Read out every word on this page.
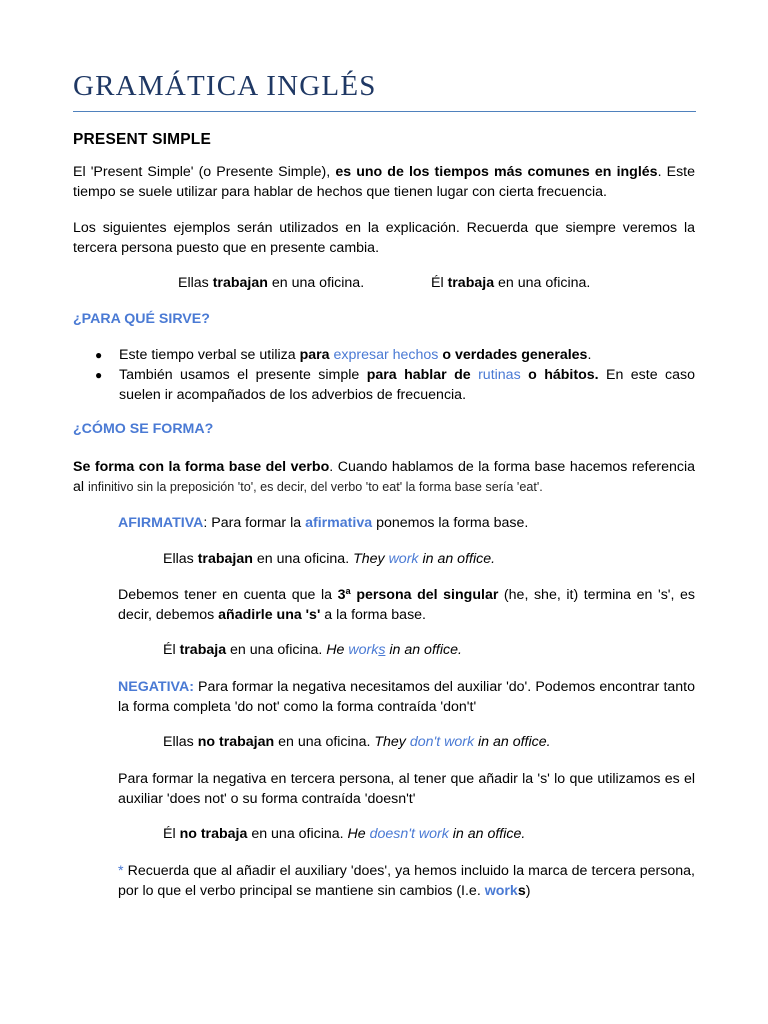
GRAMÁTICA INGLÉS
PRESENT SIMPLE

El 'Present Simple' (o Presente Simple), es uno de los tiempos más comunes en inglés. Este tiempo se suele utilizar para hablar de hechos que tienen lugar con cierta frecuencia.

Los siguientes ejemplos serán utilizados en la explicación. Recuerda que siempre veremos la tercera persona puesto que en presente cambia.

Ellas trabajan en una oficina.	Él trabaja en una oficina.

¿PARA QUÉ SIRVE?
● Este tiempo verbal se utiliza para expresar hechos o verdades generales.
● También usamos el presente simple para hablar de rutinas o hábitos. En este caso suelen ir acompañados de los adverbios de frecuencia.
¿CÓMO SE FORMA?

Se forma con la forma base del verbo. Cuando hablamos de la forma base hacemos referencia al infinitivo sin la preposición 'to', es decir, del verbo 'to eat' la forma base sería 'eat'.

AFIRMATIVA: Para formar la afirmativa ponemos la forma base.

Ellas trabajan en una oficina. They work in an office.

Debemos tener en cuenta que la 3ª persona del singular (he, she, it) termina en 's', es decir, debemos añadirle una 's' a la forma base.

Él trabaja en una oficina. He works in an office.

NEGATIVA: Para formar la negativa necesitamos del auxiliar 'do'. Podemos encontrar tanto la forma completa 'do not' como la forma contraída 'don't'

Ellas no trabajan en una oficina. They don't work in an office.

Para formar la negativa en tercera persona, al tener que añadir la 's' lo que utilizamos es el auxiliar 'does not' o su forma contraída 'doesn't'

Él no trabaja en una oficina. He doesn't work in an office.

* Recuerda que al añadir el auxiliary 'does', ya hemos incluido la marca de tercera persona, por lo que el verbo principal se mantiene sin cambios (I.e. works)
